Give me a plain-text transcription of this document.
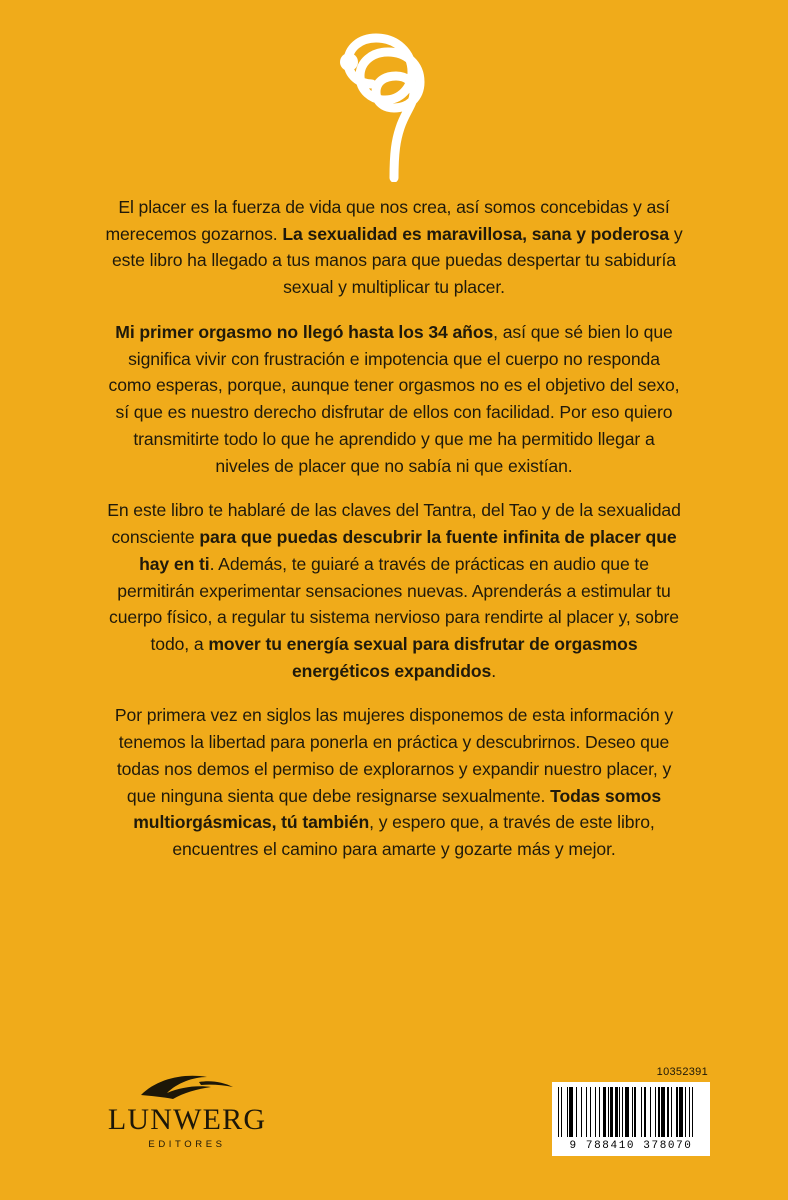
El placer es la fuerza de vida que nos crea, así somos concebidas y así merecemos gozarnos. La sexualidad es maravillosa, sana y poderosa y este libro ha llegado a tus manos para que puedas despertar tu sabiduría sexual y multiplicar tu placer.

Mi primer orgasmo no llegó hasta los 34 años, así que sé bien lo que significa vivir con frustración e impotencia que el cuerpo no responda como esperas, porque, aunque tener orgasmos no es el objetivo del sexo, sí que es nuestro derecho disfrutar de ellos con facilidad. Por eso quiero transmitirte todo lo que he aprendido y que me ha permitido llegar a niveles de placer que no sabía ni que existían.

En este libro te hablaré de las claves del Tantra, del Tao y de la sexualidad consciente para que puedas descubrir la fuente infinita de placer que hay en ti. Además, te guiaré a través de prácticas en audio que te permitirán experimentar sensaciones nuevas. Aprenderás a estimular tu cuerpo físico, a regular tu sistema nervioso para rendirte al placer y, sobre todo, a mover tu energía sexual para disfrutar de orgasmos energéticos expandidos.

Por primera vez en siglos las mujeres disponemos de esta información y tenemos la libertad para ponerla en práctica y descubrirnos. Deseo que todas nos demos el permiso de explorarnos y expandir nuestro placer, y que ninguna sienta que debe resignarse sexualmente. Todas somos multiorgásmicas, tú también, y espero que, a través de este libro, encuentres el camino para amarte y gozarte más y mejor.

LUNWERG
EDITORES
10352391
9 788410 378070
